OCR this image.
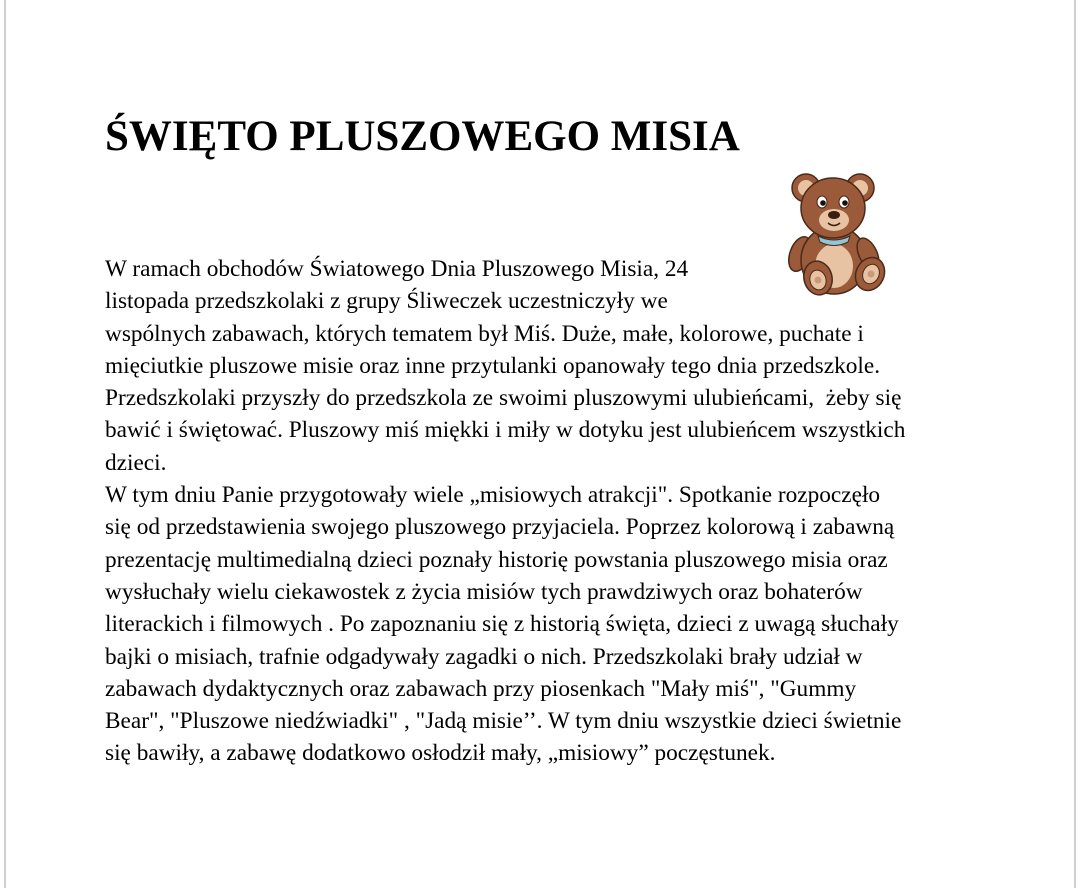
ŚWIĘTO PLUSZOWEGO MISIA
W ramach obchodów Światowego Dnia Pluszowego Misia, 24
listopada przedszkolaki z grupy Śliweczek uczestniczyły we
wspólnych zabawach, których tematem był Miś. Duże, małe, kolorowe, puchate i
mięciutkie pluszowe misie oraz inne przytulanki opanowały tego dnia przedszkole.
Przedszkolaki przyszły do przedszkola ze swoimi pluszowymi ulubieńcami,  żeby się
bawić i świętować. Pluszowy miś miękki i miły w dotyku jest ulubieńcem wszystkich
dzieci.
W tym dniu Panie przygotowały wiele „misiowych atrakcji". Spotkanie rozpoczęło
się od przedstawienia swojego pluszowego przyjaciela. Poprzez kolorową i zabawną
prezentację multimedialną dzieci poznały historię powstania pluszowego misia oraz
wysłuchały wielu ciekawostek z życia misiów tych prawdziwych oraz bohaterów
literackich i filmowych . Po zapoznaniu się z historią święta, dzieci z uwagą słuchały
bajki o misiach, trafnie odgadywały zagadki o nich. Przedszkolaki brały udział w
zabawach dydaktycznych oraz zabawach przy piosenkach "Mały miś", "Gummy
Bear", "Pluszowe niedźwiadki" , "Jadą misie’’. W tym dniu wszystkie dzieci świetnie
się bawiły, a zabawę dodatkowo osłodził mały, „misiowy” poczęstunek.
